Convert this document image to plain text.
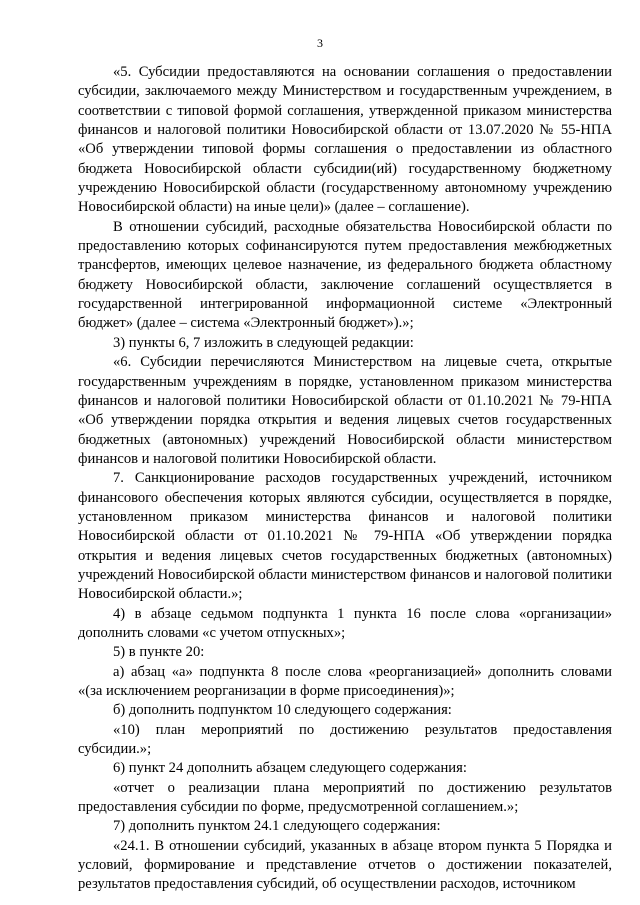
3

«5. Субсидии предоставляются на основании соглашения о предоставлении субсидии, заключаемого между Министерством и государственным учреждением, в соответствии с типовой формой соглашения, утвержденной приказом министерства финансов и налоговой политики Новосибирской области от 13.07.2020 № 55-НПА «Об утверждении типовой формы соглашения о предоставлении из областного бюджета Новосибирской области субсидии(ий) государственному бюджетному учреждению Новосибирской области (государственному автономному учреждению Новосибирской области) на иные цели)» (далее – соглашение).

В отношении субсидий, расходные обязательства Новосибирской области по предоставлению которых софинансируются путем предоставления межбюджетных трансфертов, имеющих целевое назначение, из федерального бюджета областному бюджету Новосибирской области, заключение соглашений осуществляется в государственной интегрированной информационной системе «Электронный бюджет» (далее – система «Электронный бюджет»).»;

3) пункты 6, 7 изложить в следующей редакции:

«6. Субсидии перечисляются Министерством на лицевые счета, открытые государственным учреждениям в порядке, установленном приказом министерства финансов и налоговой политики Новосибирской области от 01.10.2021 № 79-НПА «Об утверждении порядка открытия и ведения лицевых счетов государственных бюджетных (автономных) учреждений Новосибирской области министерством финансов и налоговой политики Новосибирской области.

7. Санкционирование расходов государственных учреждений, источником финансового обеспечения которых являются субсидии, осуществляется в порядке, установленном приказом министерства финансов и налоговой политики Новосибирской области от 01.10.2021 № 79-НПА «Об утверждении порядка открытия и ведения лицевых счетов государственных бюджетных (автономных) учреждений Новосибирской области министерством финансов и налоговой политики Новосибирской области.»;

4) в абзаце седьмом подпункта 1 пункта 16 после слова «организации» дополнить словами «с учетом отпускных»;

5) в пункте 20:

а) абзац «а» подпункта 8 после слова «реорганизацией» дополнить словами «(за исключением реорганизации в форме присоединения)»;

б) дополнить подпунктом 10 следующего содержания:

«10) план мероприятий по достижению результатов предоставления субсидии.»;

6) пункт 24 дополнить абзацем следующего содержания:

«отчет о реализации плана мероприятий по достижению результатов предоставления субсидии по форме, предусмотренной соглашением.»;

7) дополнить пунктом 24.1 следующего содержания:

«24.1. В отношении субсидий, указанных в абзаце втором пункта 5 Порядка и условий, формирование и представление отчетов о достижении показателей, результатов предоставления субсидий, об осуществлении расходов, источником
